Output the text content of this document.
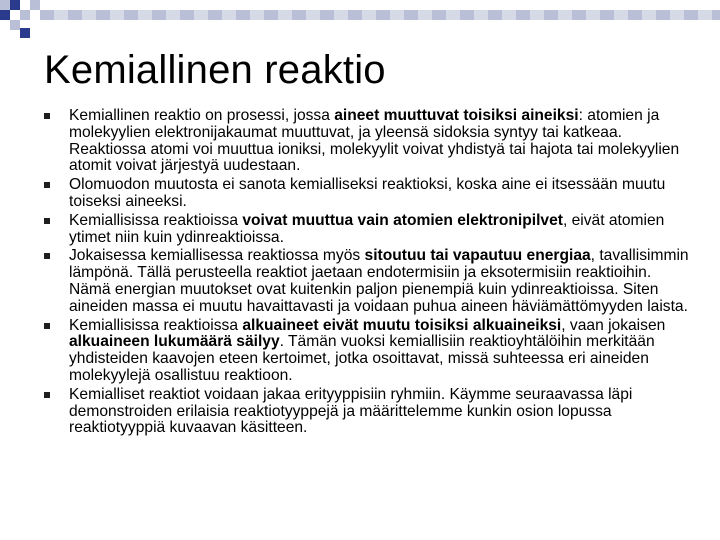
Kemiallinen reaktio
Kemiallinen reaktio on prosessi, jossa aineet muuttuvat toisiksi aineiksi: atomien ja molekyylien elektronijakaumat muuttuvat, ja yleensä sidoksia syntyy tai katkeaa. Reaktiossa atomi voi muuttua ioniksi, molekyylit voivat yhdistyä tai hajota tai molekyylien atomit voivat järjestyä uudestaan.
Olomuodon muutosta ei sanota kemialliseksi reaktioksi, koska aine ei itsessään muutu toiseksi aineeksi.
Kemiallisissa reaktioissa voivat muuttua vain atomien elektronipilvet, eivät atomien ytimet niin kuin ydinreaktioissa.
Jokaisessa kemiallisessa reaktiossa myös sitoutuu tai vapautuu energiaa, tavallisimmin lämpönä. Tällä perusteella reaktiot jaetaan endotermisiin ja eksotermisiin reaktioihin. Nämä energian muutokset ovat kuitenkin paljon pienempiä kuin ydinreaktioissa. Siten aineiden massa ei muutu havaittavasti ja voidaan puhua aineen häviämättömyyden laista.
Kemiallisissa reaktioissa alkuaineet eivät muutu toisiksi alkuaineiksi, vaan jokaisen alkuaineen lukumäärä säilyy. Tämän vuoksi kemiallisiin reaktioyhtälöihin merkitään yhdisteiden kaavojen eteen kertoimet, jotka osoittavat, missä suhteessa eri aineiden molekyylejä osallistuu reaktioon.
Kemialliset reaktiot voidaan jakaa erityyppisiin ryhmiin. Käymme seuraavassa läpi demonstroiden erilaisia reaktiotyyppejä ja määrittelemme kunkin osion lopussa reaktiotyyppiä kuvaavan käsitteen.
